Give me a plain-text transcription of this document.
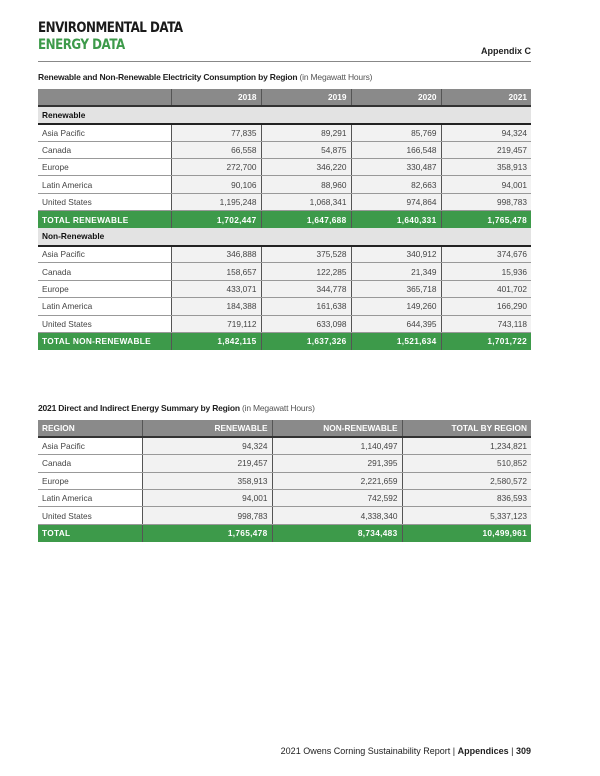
ENVIRONMENTAL DATA
ENERGY DATA	Appendix C
Renewable and Non-Renewable Electricity Consumption by Region (in Megawatt Hours)
	2018	2019	2020	2021
Renewable				
Asia Pacific	77,835	89,291	85,769	94,324
Canada	66,558	54,875	166,548	219,457
Europe	272,700	346,220	330,487	358,913
Latin America	90,106	88,960	82,663	94,001
United States	1,195,248	1,068,341	974,864	998,783
TOTAL RENEWABLE	1,702,447	1,647,688	1,640,331	1,765,478
Non-Renewable				
Asia Pacific	346,888	375,528	340,912	374,676
Canada	158,657	122,285	21,349	15,936
Europe	433,071	344,778	365,718	401,702
Latin America	184,388	161,638	149,260	166,290
United States	719,112	633,098	644,395	743,118
TOTAL NON-RENEWABLE	1,842,115	1,637,326	1,521,634	1,701,722
2021 Direct and Indirect Energy Summary by Region (in Megawatt Hours)
REGION	RENEWABLE	NON-RENEWABLE	TOTAL BY REGION
Asia Pacific	94,324	1,140,497	1,234,821
Canada	219,457	291,395	510,852
Europe	358,913	2,221,659	2,580,572
Latin America	94,001	742,592	836,593
United States	998,783	4,338,340	5,337,123
TOTAL	1,765,478	8,734,483	10,499,961
2021 Owens Corning Sustainability Report | Appendices | 309
